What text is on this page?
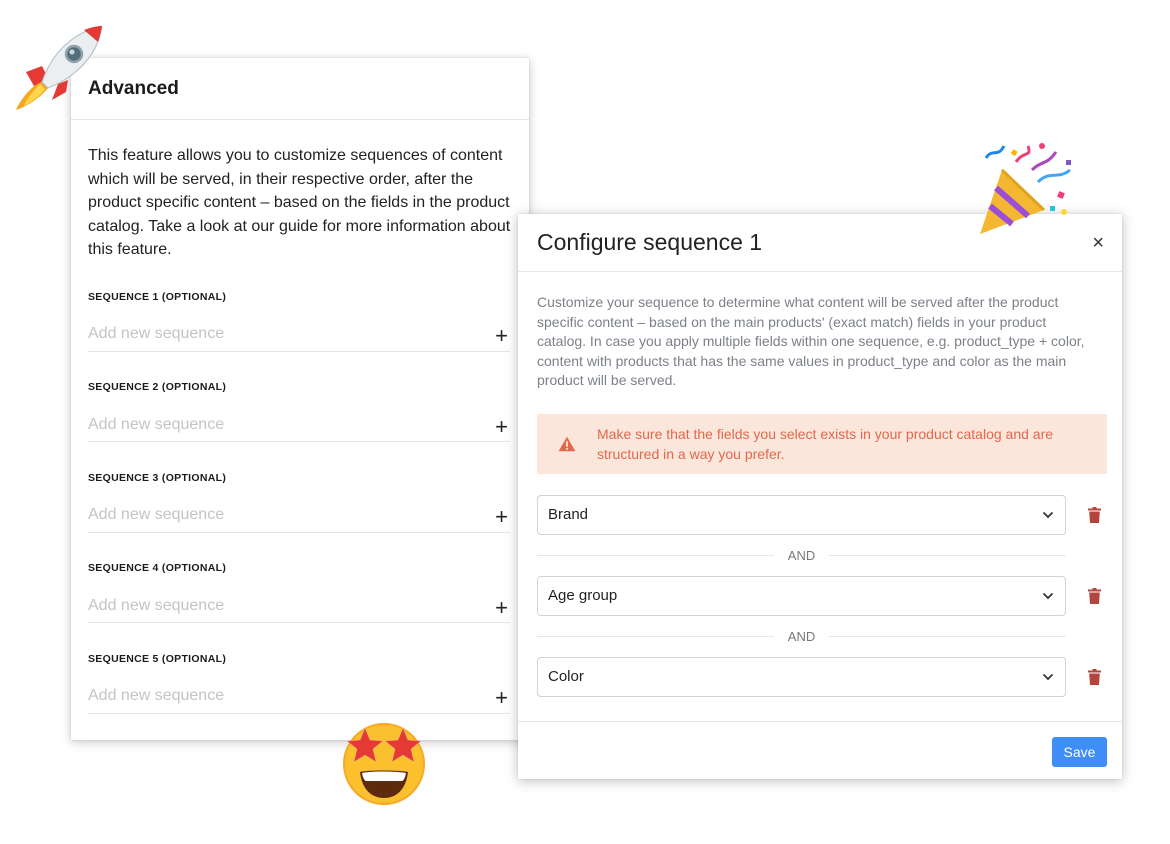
Advanced
This feature allows you to customize sequences of content which will be served, in their respective order, after the product specific content – based on the fields in the product catalog. Take a look at our guide for more information about this feature.
SEQUENCE 1 (OPTIONAL)
Add new sequence	+
SEQUENCE 2 (OPTIONAL)
Add new sequence	+
SEQUENCE 3 (OPTIONAL)
Add new sequence	+
SEQUENCE 4 (OPTIONAL)
Add new sequence	+
SEQUENCE 5 (OPTIONAL)
Add new sequence	+
Configure sequence 1	×
Customize your sequence to determine what content will be served after the product specific content – based on the main products' (exact match) fields in your product catalog. In case you apply multiple fields within one sequence, e.g. product_type + color, content with products that has the same values in product_type and color as the main product will be served.
Make sure that the fields you select exists in your product catalog and are structured in a way you prefer.
Brand
AND
Age group
AND
Color
Save
